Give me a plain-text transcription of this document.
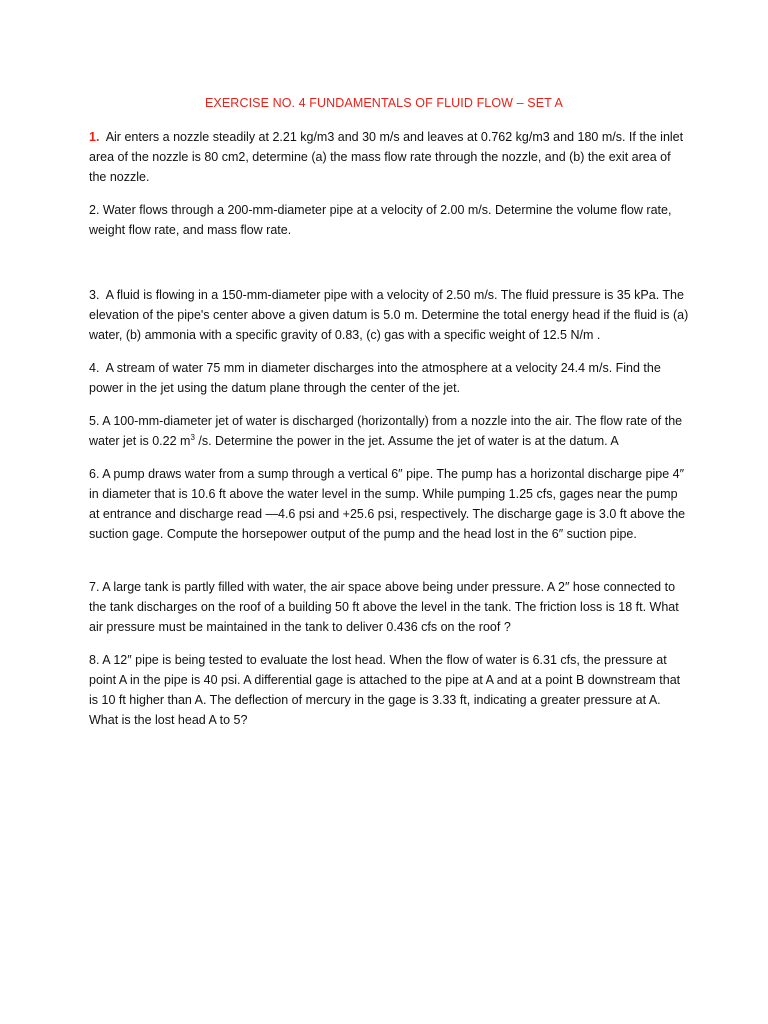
EXERCISE NO. 4 FUNDAMENTALS OF FLUID FLOW – SET A

1.  Air enters a nozzle steadily at 2.21 kg/m3 and 30 m/s and leaves at 0.762 kg/m3 and 180 m/s. If the inlet area of the nozzle is 80 cm2, determine (a) the mass flow rate through the nozzle, and (b) the exit area of the nozzle.

2. Water flows through a 200-mm-diameter pipe at a velocity of 2.00 m/s. Determine the volume flow rate, weight flow rate, and mass flow rate.

3.  A fluid is flowing in a 150-mm-diameter pipe with a velocity of 2.50 m/s. The fluid pressure is 35 kPa. The elevation of the pipe's center above a given datum is 5.0 m. Determine the total energy head if the fluid is (a) water, (b) ammonia with a specific gravity of 0.83, (c) gas with a specific weight of 12.5 N/m .

4.  A stream of water 75 mm in diameter discharges into the atmosphere at a velocity 24.4 m/s. Find the power in the jet using the datum plane through the center of the jet.

5. A 100-mm-diameter jet of water is discharged (horizontally) from a nozzle into the air. The flow rate of the water jet is 0.22 $m^3$ /s. Determine the power in the jet. Assume the jet of water is at the datum. A

6. A pump draws water from a sump through a vertical 6″ pipe. The pump has a horizontal discharge pipe 4″ in diameter that is 10.6 ft above the water level in the sump. While pumping 1.25 cfs, gages near the pump at entrance and discharge read —4.6 psi and +25.6 psi, respectively. The discharge gage is 3.0 ft above the suction gage. Compute the horsepower output of the pump and the head lost in the 6″ suction pipe.

7. A large tank is partly filled with water, the air space above being under pressure. A 2″ hose connected to the tank discharges on the roof of a building 50 ft above the level in the tank. The friction loss is 18 ft. What air pressure must be maintained in the tank to deliver 0.436 cfs on the roof ?

8. A 12″ pipe is being tested to evaluate the lost head. When the flow of water is 6.31 cfs, the pressure at point A in the pipe is 40 psi. A differential gage is attached to the pipe at A and at a point B downstream that is 10 ft higher than A. The deflection of mercury in the gage is 3.33 ft, indicating a greater pressure at A. What is the lost head A to 5?
